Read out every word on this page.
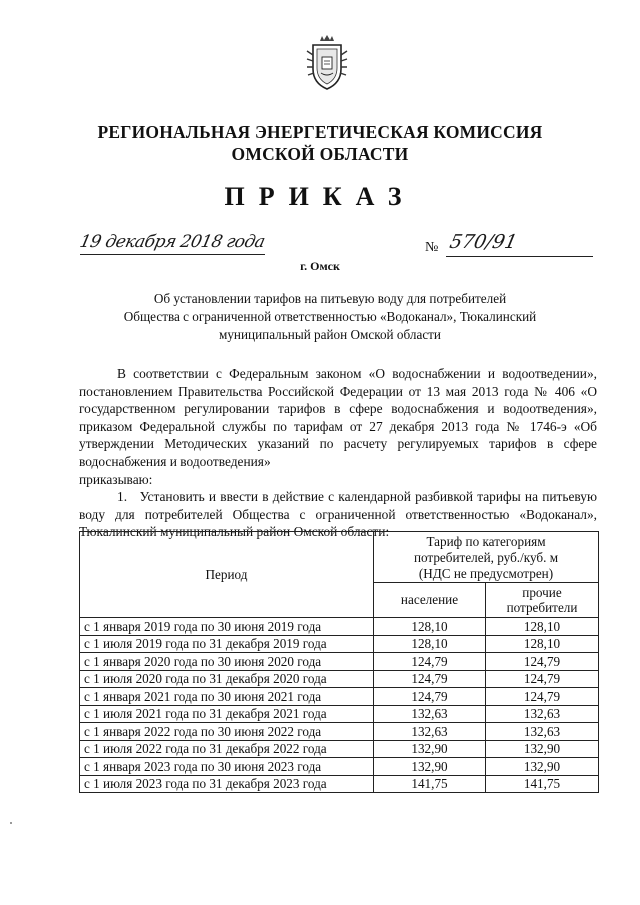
РЕГИОНАЛЬНАЯ ЭНЕРГЕТИЧЕСКАЯ КОМИССИЯ
ОМСКОЙ ОБЛАСТИ
ПРИКАЗ
19 декабря 2018 года	№ 570/91
г. Омск
Об установлении тарифов на питьевую воду для потребителей
Общества с ограниченной ответственностью «Водоканал», Тюкалинский
муниципальный район Омской области

В соответствии с Федеральным законом «О водоснабжении и водоотведении», постановлением Правительства Российской Федерации от 13 мая 2013 года № 406 «О государственном регулировании тарифов в сфере водоснабжения и водоотведения», приказом Федеральной службы по тарифам от 27 декабря 2013 года № 1746-э «Об утверждении Методических указаний по расчету регулируемых тарифов в сфере водоснабжения и водоотведения»

приказываю:

1.   Установить и ввести в действие с календарной разбивкой тарифы на питьевую воду для потребителей Общества с ограниченной ответственностью «Водоканал», Тюкалинский муниципальный район Омской области:

Период	Тариф по категориям
потребителей, руб./куб. м
(НДС не предусмотрен)	

	население	прочие
потребители

с 1 января 2019 года по 30 июня 2019 года	128,10	128,10
с 1 июля 2019 года по 31 декабря 2019 года	128,10	128,10
с 1 января 2020 года по 30 июня 2020 года	124,79	124,79
с 1 июля 2020 года по 31 декабря 2020 года	124,79	124,79
с 1 января 2021 года по 30 июня 2021 года	124,79	124,79
с 1 июля 2021 года по 31 декабря 2021 года	132,63	132,63
с 1 января 2022 года по 30 июня 2022 года	132,63	132,63
с 1 июля 2022 года по 31 декабря 2022 года	132,90	132,90
с 1 января 2023 года по 30 июня 2023 года	132,90	132,90
с 1 июля 2023 года по 31 декабря 2023 года	141,75	141,75
